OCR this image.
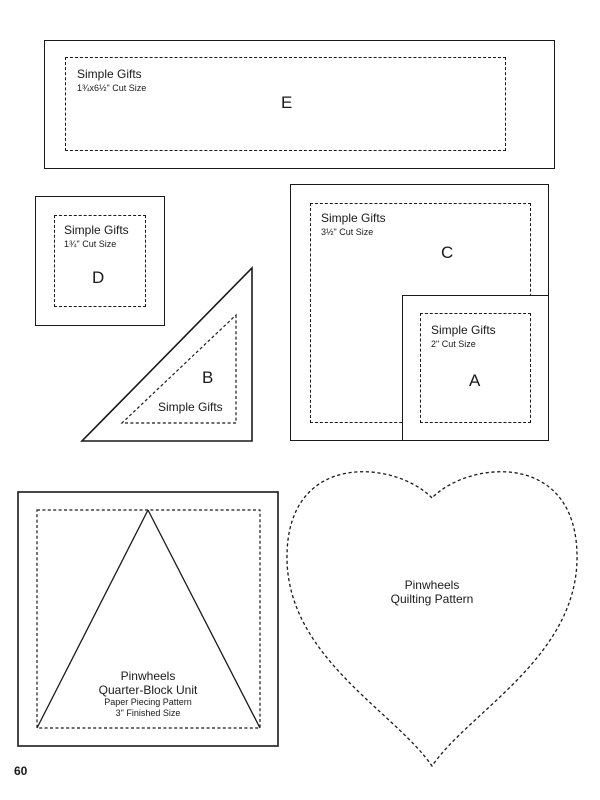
Simple Gifts
1¾x6½" Cut Size
E
Simple Gifts
1¾" Cut Size
D
Simple Gifts
3½" Cut Size
C
Simple Gifts
2" Cut Size
A
Simple Gifts
B
Pinwheels
Quarter-Block Unit
Paper Piecing Pattern
3" Finished Size
Pinwheels
Quilting Pattern
60
